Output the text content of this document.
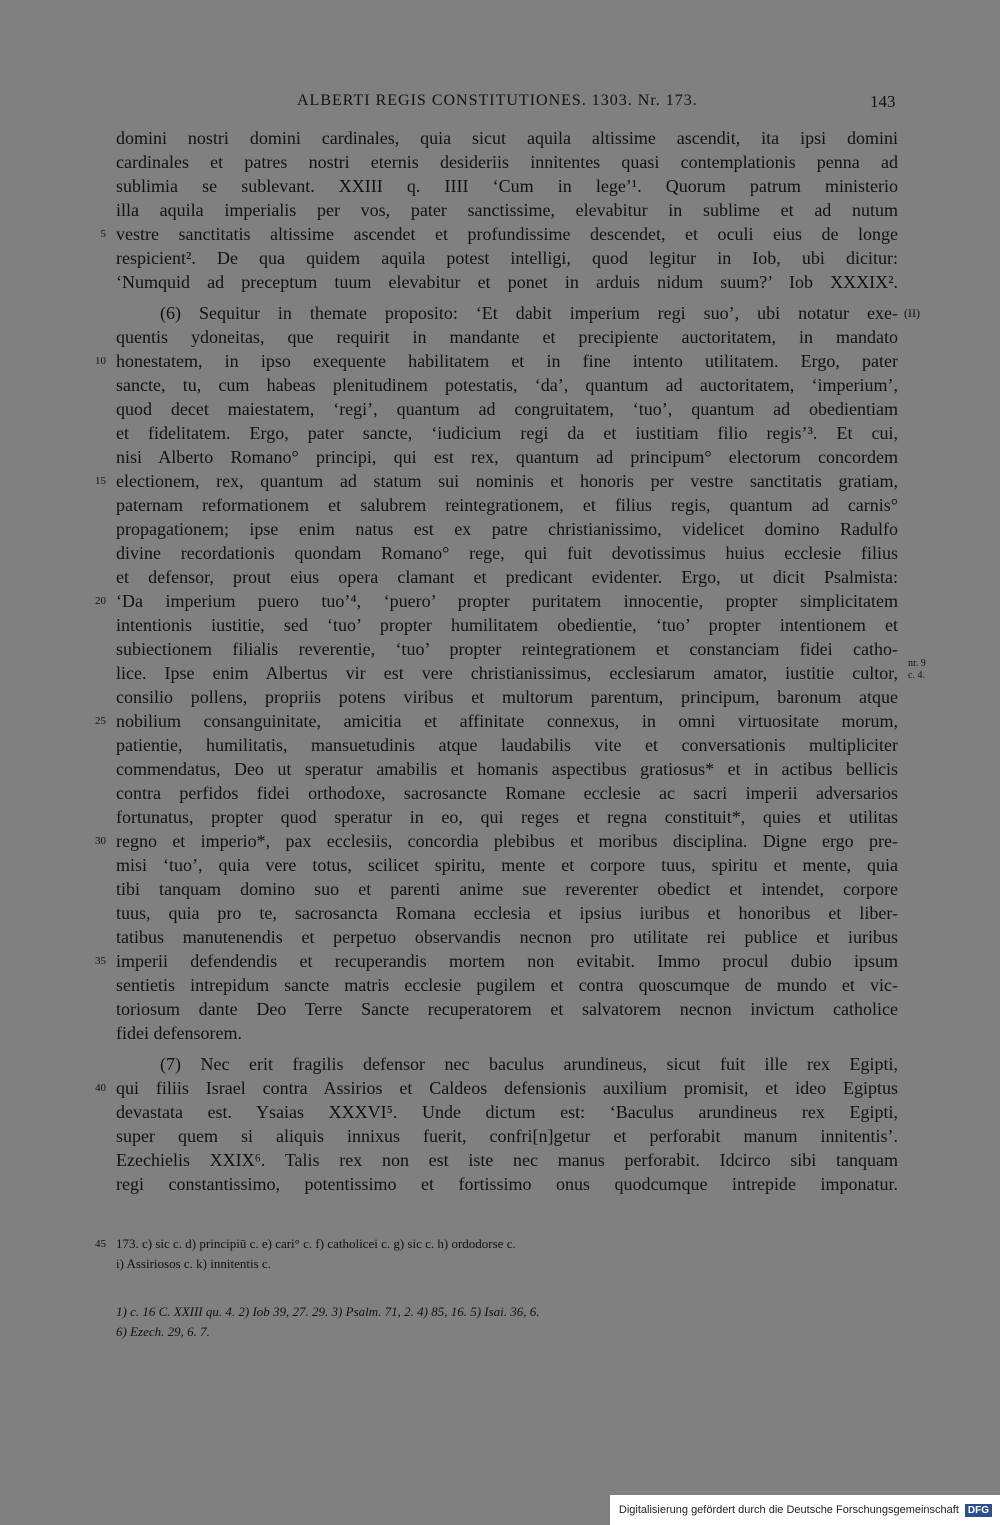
ALBERTI REGIS CONSTITUTIONES. 1303. Nr. 173.	143
domini nostri domini cardinales, quia sicut aquila altissime ascendit, ita ipsi domini
cardinales et patres nostri eternis desideriis innitentes quasi contemplationis penna ad
sublimia se sublevant. XXIII q. IIII ‘Cum in lege’¹. Quorum patrum ministerio
illa aquila imperialis per vos, pater sanctissime, elevabitur in sublime et ad nutum
vestre sanctitatis altissime ascendet et profundissime descendet, et oculi eius de longe
respicient². De qua quidem aquila potest intelligi, quod legitur in Iob, ubi dicitur:
‘Numquid ad preceptum tuum elevabitur et ponet in arduis nidum suum?’ Iob XXXIX².
(6) Sequitur in themate proposito: ‘Et dabit imperium regi suo’, ubi notatur exe-
quentis ydoneitas, que requirit in mandante et precipiente auctoritatem, in mandato
honestatem, in ipso exequente habilitatem et in fine intento utilitatem. Ergo, pater
sancte, tu, cum habeas plenitudinem potestatis, ‘da’, quantum ad auctoritatem, ‘imperium’,
quod decet maiestatem, ‘regi’, quantum ad congruitatem, ‘tuo’, quantum ad obedientiam
et fidelitatem. Ergo, pater sancte, ‘iudicium regi da et iustitiam filio regis’³. Et cui,
nisi Alberto Romano° principi, qui est rex, quantum ad principum° electorum concordem
electionem, rex, quantum ad statum sui nominis et honoris per vestre sanctitatis gratiam,
paternam reformationem et salubrem reintegrationem, et filius regis, quantum ad carnis°
propagationem; ipse enim natus est ex patre christianissimo, videlicet domino Radulfo
divine recordationis quondam Romano° rege, qui fuit devotissimus huius ecclesie filius
et defensor, prout eius opera clamant et predicant evidenter. Ergo, ut dicit Psalmista:
‘Da imperium puero tuo’⁴, ‘puero’ propter puritatem innocentie, propter simplicitatem
intentionis iustitie, sed ‘tuo’ propter humilitatem obedientie, ‘tuo’ propter intentionem et
subiectionem filialis reverentie, ‘tuo’ propter reintegrationem et constanciam fidei catho-
lice. Ipse enim Albertus vir est vere christianissimus, ecclesiarum amator, iustitie cultor,
consilio pollens, propriis potens viribus et multorum parentum, principum, baronum atque
nobilium consanguinitate, amicitia et affinitate connexus, in omni virtuositate morum,
patientie, humilitatis, mansuetudinis atque laudabilis vite et conversationis multipliciter
commendatus, Deo ut speratur amabilis et homanis aspectibus gratiosus* et in actibus bellicis
contra perfidos fidei orthodoxe, sacrosancte Romane ecclesie ac sacri imperii adversarios
fortunatus, propter quod speratur in eo, qui reges et regna constituit*, quies et utilitas
regno et imperio*, pax ecclesiis, concordia plebibus et moribus disciplina. Digne ergo pre-
misi ‘tuo’, quia vere totus, scilicet spiritu, mente et corpore tuus, spiritu et mente, quia
tibi tanquam domino suo et parenti anime sue reverenter obedict et intendet, corpore
tuus, quia pro te, sacrosancta Romana ecclesia et ipsius iuribus et honoribus et liber-
tatibus manutenendis et perpetuo observandis necnon pro utilitate rei publice et iuribus
imperii defendendis et recuperandis mortem non evitabit. Immo procul dubio ipsum
sentietis intrepidum sancte matris ecclesie pugilem et contra quoscumque de mundo et vic-
toriosum dante Deo Terre Sancte recuperatorem et salvatorem necnon invictum catholice
fidei defensorem.
(7) Nec erit fragilis defensor nec baculus arundineus, sicut fuit ille rex Egipti,
qui filiis Israel contra Assirios et Caldeos defensionis auxilium promisit, et ideo Egiptus
devastata est. Ysaias XXXVI⁵. Unde dictum est: ‘Baculus arundineus rex Egipti,
super quem si aliquis innixus fuerit, confri[n]getur et perforabit manum innitentis’.
Ezechielis XXIX⁶. Talis rex non est iste nec manus perforabit. Idcirco sibi tanquam
regi constantissimo, potentissimo et fortissimo onus quodcumque intrepide imponatur.
5
10
15
20
25
30
35
40
45
(II)
nr. 9
c. 4.
173. c) sic c. d) principiū c. e) cari° c. f) catholicei c. g) sic c. h) ordodorse c.
i) Assiriosos c. k) innitentis c.
1) c. 16 C. XXIII qu. 4. 2) Iob 39, 27. 29. 3) Psalm. 71, 2. 4) 85, 16. 5) Isai. 36, 6.
6) Ezech. 29, 6. 7.
Digitalisierung gefördert durch die Deutsche Forschungsgemeinschaft DFG
